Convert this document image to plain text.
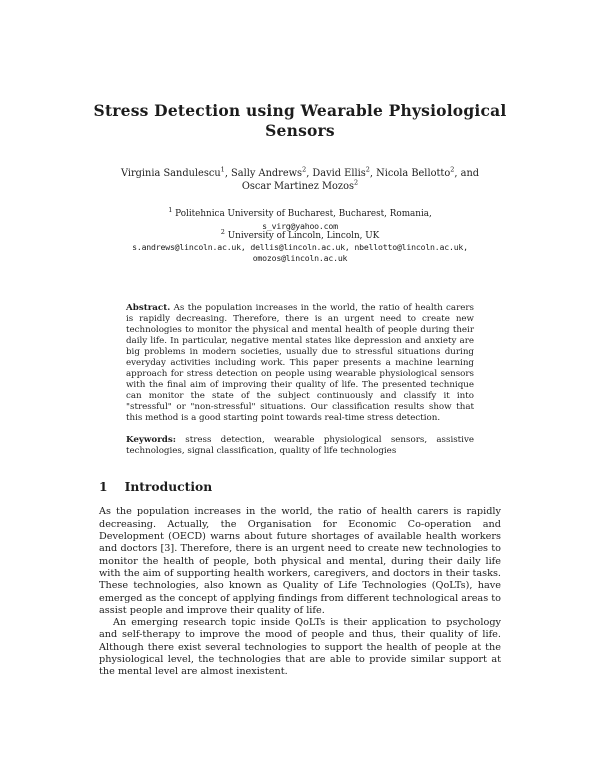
Stress Detection using Wearable Physiological
Sensors
Virginia Sandulescu$^1$, Sally Andrews$^2$, David Ellis$^2$, Nicola Bellotto$^2$, and
Oscar Martinez Mozos$^2$
$^1$ Politehnica University of Bucharest, Bucharest, Romania,
s_virg@yahoo.com
$^2$ University of Lincoln, Lincoln, UK
s.andrews@lincoln.ac.uk, dellis@lincoln.ac.uk, nbellotto@lincoln.ac.uk,
omozos@lincoln.ac.uk
Abstract. As the population increases in the world, the ratio of health carers is rapidly decreasing. Therefore, there is an urgent need to create new technologies to monitor the physical and mental health of people during their daily life. In particular, negative mental states like depression and anxiety are big problems in modern societies, usually due to stressful situations during everyday activities including work. This paper presents a machine learning approach for stress detection on people using wearable physiological sensors with the final aim of improving their quality of life. The presented technique can monitor the state of the subject continuously and classify it into "stressful" or "non-stressful" situations. Our classification results show that this method is a good starting point towards real-time stress detection.
Keywords: stress detection, wearable physiological sensors, assistive technologies, signal classification, quality of life technologies
1 Introduction
As the population increases in the world, the ratio of health carers is rapidly decreasing. Actually, the Organisation for Economic Co-operation and Development (OECD) warns about future shortages of available health workers and doctors [3]. Therefore, there is an urgent need to create new technologies to monitor the health of people, both physical and mental, during their daily life with the aim of supporting health workers, caregivers, and doctors in their tasks. These technologies, also known as Quality of Life Technologies (QoLTs), have emerged as the concept of applying findings from different technological areas to assist people and improve their quality of life.
An emerging research topic inside QoLTs is their application to psychology and self-therapy to improve the mood of people and thus, their quality of life. Although there exist several technologies to support the health of people at the physiological level, the technologies that are able to provide similar support at the mental level are almost inexistent.
